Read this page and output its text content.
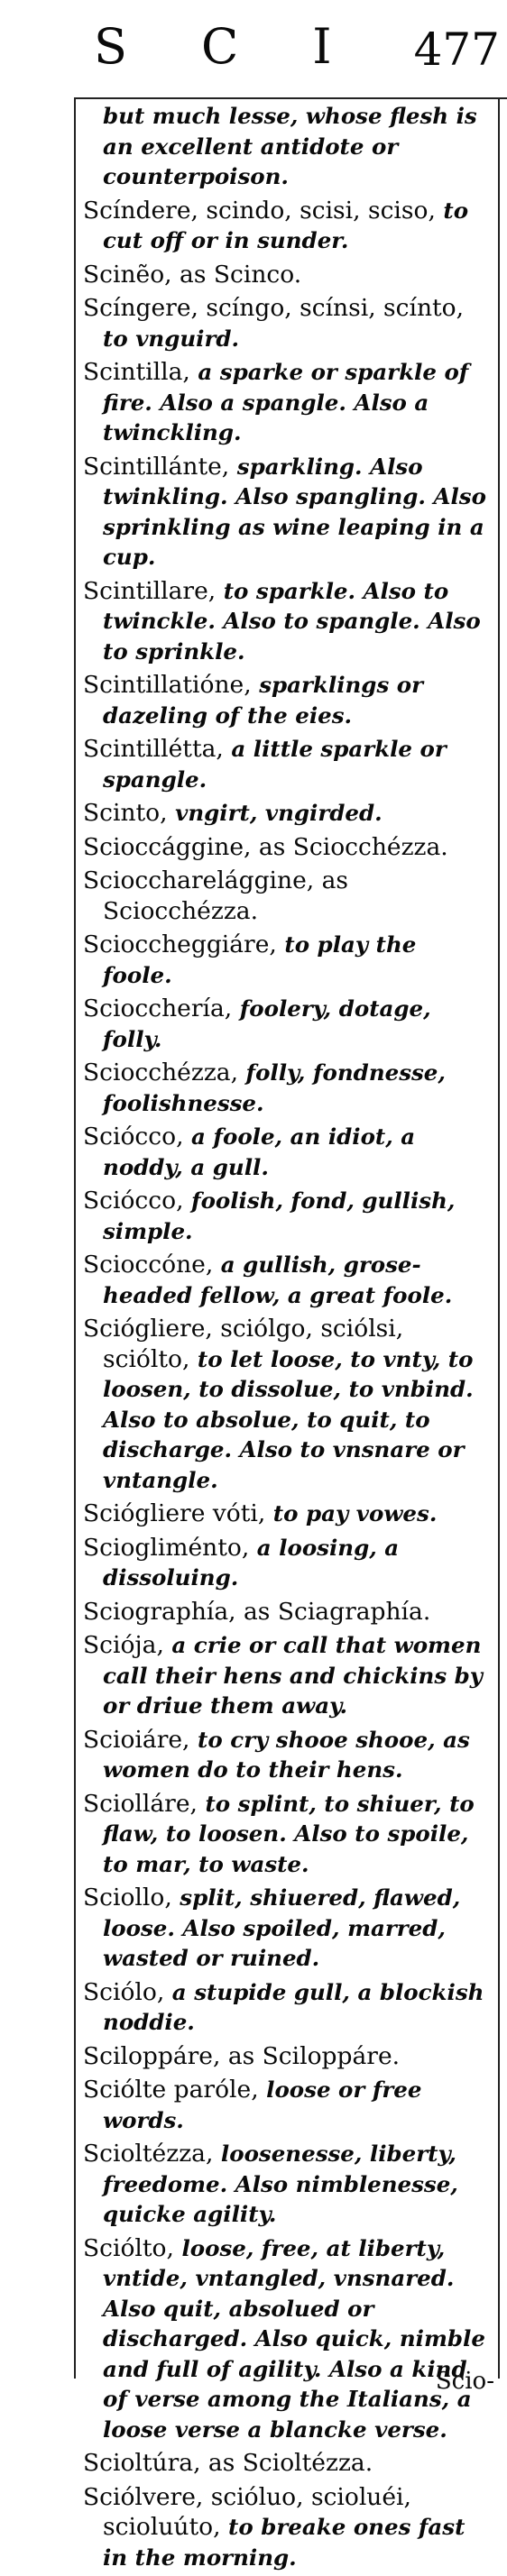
S C I 477
but much lesse, whose flesh is an excellent antidote or counterpoison.
Scíndere, scindo, scisi, sciso, to cut off or in sunder.
Scinẽo, as Scinco.
Scíngere, scíngo, scínsi, scínto, to vnguird.
Scintilla, a sparke or sparkle of fire. Also a spangle. Also a twinckling.
Scintillánte, sparkling. Also twinkling. Also spangling. Also sprinkling as wine leaping in a cup.
Scintillare, to sparkle. Also to twinckle. Also to spangle. Also to sprinkle.
Scintillatióne, sparklings or dazeling of the eies.
Scintillétta, a little sparkle or spangle.
Scinto, vngirt, vngirded.
Scioccággine, as Sciocchézza.
Scioccharelággine, as Sciocchézza.
Scioccheggiáre, to play the foole.
Sciocchería, foolery, dotage, folly.
Sciocchézza, folly, fondnesse, foolishnesse.
Sciócco, a foole, an idiot, a noddy, a gull.
Sciócco, foolish, fond, gullish, simple.
Scioccóne, a gullish, grose-headed fellow, a great foole.
Sciógliere, sciólgo, sciólsi, sciólto, to let loose, to vnty, to loosen, to dissolue, to vnbind. Also to absolue, to quit, to discharge. Also to vnsnare or vntangle.
Sciógliere vóti, to pay vowes.
Sciogliménto, a loosing, a dissoluing.
Sciographía, as Sciagraphía.
Sciója, a crie or call that women call their hens and chickins by or driue them away.
Scioiáre, to cry shooe shooe, as women do to their hens.
Sciolláre, to splint, to shiuer, to flaw, to loosen. Also to spoile, to mar, to waste.
Sciollo, split, shiuered, flawed, loose. Also spoiled, marred, wasted or ruined.
Sciólo, a stupide gull, a blockish noddie.
Sciloppáre, as Sciloppáre.
Sciólte paróle, loose or free words.
Scioltézza, loosenesse, liberty, freedome. Also nimblenesse, quicke agility.
Sciólto, loose, free, at liberty, vntide, vntangled, vnsnared. Also quit, absolued or discharged. Also quick, nimble and full of agility. Also a kind of verse among the Italians, a loose verse a blancke verse.
Scioltúra, as Scioltézza.
Sciólvere, scióluo, scioluéi, scioluúto, to breake ones fast in the morning.
Scio-
